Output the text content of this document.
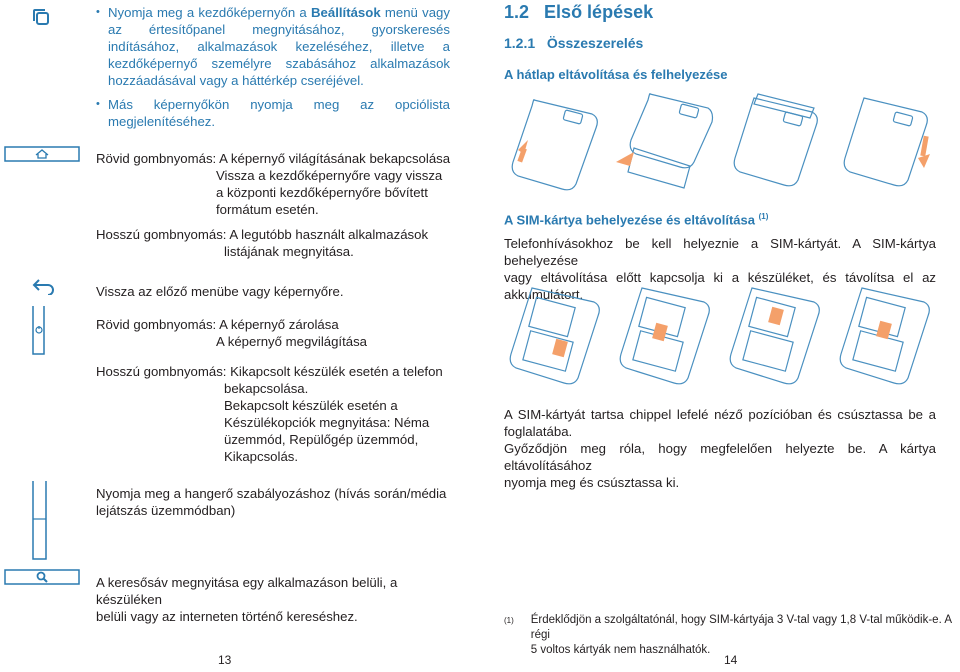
• Nyomja meg a kezdőképernyőn a Beállítások menü vagy az értesítőpanel megnyitásához, gyorskeresés indításához, alkalmazások kezeléséhez, illetve a kezdőképernyő személyre szabásához alkalmazások hozzáadásával vagy a háttérkép cseréjével.
• Más képernyőkön nyomja meg az opciólista megjelenítéséhez.
Rövid gombnyomás: A képernyő világításának bekapcsolása
Vissza a kezdőképernyőre vagy vissza
a központi kezdőképernyőre bővített
formátum esetén.
Hosszú gombnyomás: A legutóbb használt alkalmazások
listájának megnyitása.
Vissza az előző menübe vagy képernyőre.
Rövid gombnyomás: A képernyő zárolása
A képernyő megvilágítása
Hosszú gombnyomás: Kikapcsolt készülék esetén a telefon
bekapcsolása.
Bekapcsolt készülék esetén a
Készülékopciók megnyitása: Néma
üzemmód, Repülőgép üzemmód,
Kikapcsolás.
Nyomja meg a hangerő szabályozáshoz (hívás során/média
lejátszás üzemmódban)
A keresősáv megnyitása egy alkalmazáson belüli, a készüléken
belüli vagy az interneten történő kereséshez.
13
1.2 Első lépések
1.2.1 Összeszerelés
A hátlap eltávolítása és felhelyezése
A SIM-kártya behelyezése és eltávolítása $^{(1)}$
Telefonhívásokhoz be kell helyeznie a SIM-kártyát. A SIM-kártya behelyezése
vagy eltávolítása előtt kapcsolja ki a készüléket, és távolítsa el az akkumulátort.
A SIM-kártyát tartsa chippel lefelé néző pozícióban és csúsztassa be a foglalatába.
Győződjön meg róla, hogy megfelelően helyezte be. A kártya eltávolításához
nyomja meg és csúsztassa ki.
(1)	Érdeklődjön a szolgáltatónál, hogy SIM-kártyája 3 V-tal vagy 1,8 V-tal működik-e. A régi
5 voltos kártyák nem használhatók.
14
